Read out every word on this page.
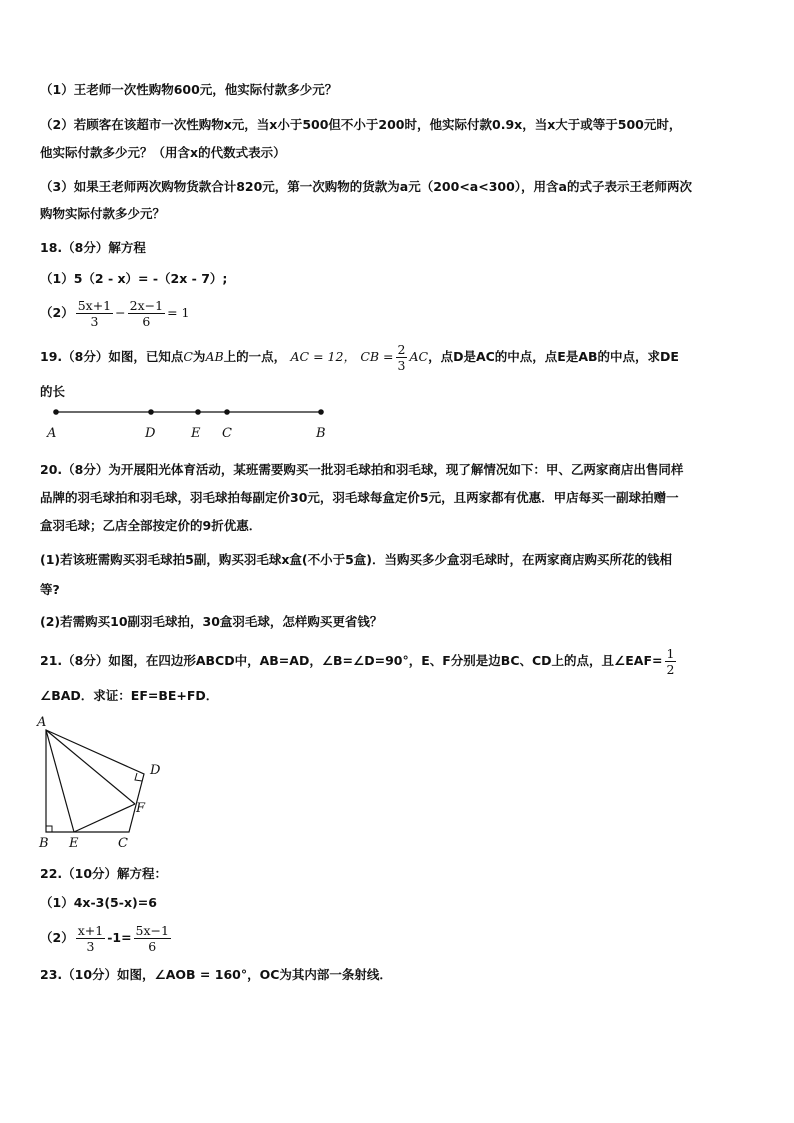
（1）王老师一次性购物600元，他实际付款多少元？
（2）若顾客在该超市一次性购物x元，当x小于500但不小于200时，他实际付款0.9x，当x大于或等于500元时，
他实际付款多少元？（用含x的代数式表示）
（3）如果王老师两次购物货款合计820元，第一次购物的货款为a元（200<a<300），用含a的式子表示王老师两次
购物实际付款多少元？
18.（8分）解方程
（1）5（2 - x）= -（2x - 7）;
$(2) \frac{5x+1}{3} - \frac{2x-1}{6} = 1$
19.（8分）如图，已知点C为AB上的一点， AC = 12， CB = $\frac{2}{3}$ AC，点D是AC的中点，点E是AB的中点，求DE
的长
A	D	E C	B
20.（8分）为开展阳光体育活动，某班需要购买一批羽毛球拍和羽毛球，现了解情况如下：甲、乙两家商店出售同样
品牌的羽毛球拍和羽毛球，羽毛球拍每副定价30元，羽毛球每盒定价5元，且两家都有优惠．甲店每买一副球拍赠一
盒羽毛球；乙店全部按定价的9折优惠．
(1)若该班需购买羽毛球拍5副，购买羽毛球x盒(不小于5盒)．当购买多少盒羽毛球时，在两家商店购买所花的钱相
等?
(2)若需购买10副羽毛球拍，30盒羽毛球，怎样购买更省钱？
21.（8分）如图，在四边形ABCD中，AB=AD，∠B=∠D=90°，E、F分别是边BC、CD上的点，且∠EAF= $\frac{1}{2}$
∠BAD．求证：EF=BE+FD．
A
B E	C
F
D
22.（10分）解方程：
（1）4x-3(5-x)=6
$(2) \frac{x+1}{3} -1= \frac{5x-1}{6}$
23.（10分）如图，∠AOB = 160°，OC为其内部一条射线．
